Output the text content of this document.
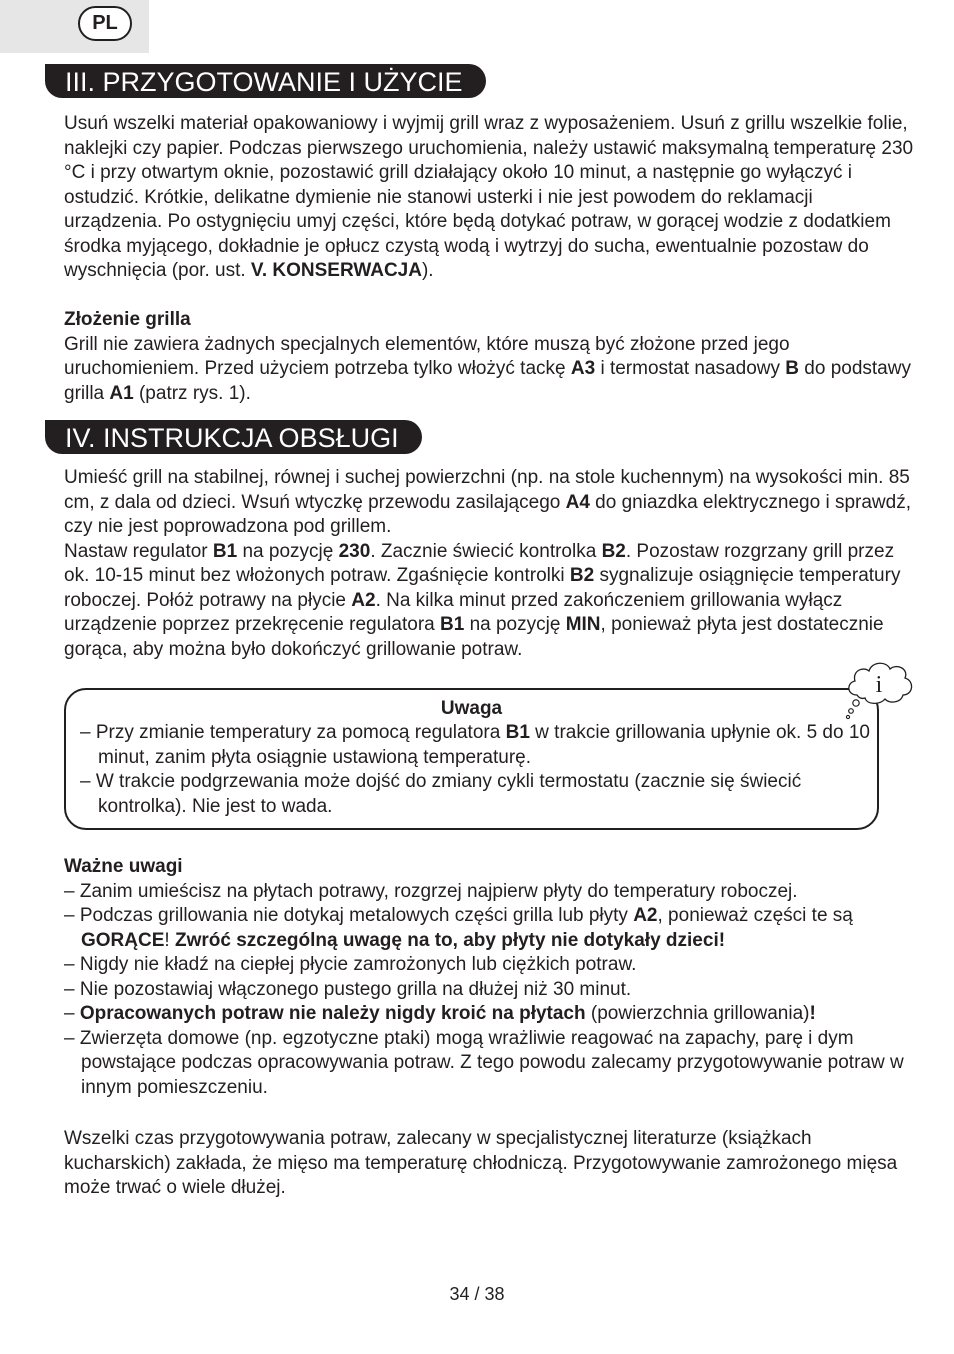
PL
III. PRZYGOTOWANIE I UŻYCIE

Usuń wszelki materiał opakowaniowy i wyjmij grill wraz z wyposażeniem. Usuń z grillu wszelkie folie, naklejki czy papier. Podczas pierwszego uruchomienia, należy ustawić maksymalną temperaturę 230 °C i przy otwartym oknie, pozostawić grill działający około 10 minut, a następnie go wyłączyć i ostudzić. Krótkie, delikatne dymienie nie stanowi usterki i nie jest powodem do reklamacji urządzenia. Po ostygnięciu umyj części, które będą dotykać potraw, w gorącej wodzie z dodatkiem środka myjącego, dokładnie je opłucz czystą wodą i wytrzyj do sucha, ewentualnie pozostaw do wyschnięcia (por. ust. V. KONSERWACJA).

Złożenie grilla

Grill nie zawiera żadnych specjalnych elementów, które muszą być złożone przed jego uruchomieniem. Przed użyciem potrzeba tylko włożyć tackę A3 i termostat nasadowy B do podstawy grilla A1 (patrz rys. 1).

IV. INSTRUKCJA OBSŁUGI

Umieść grill na stabilnej, równej i suchej powierzchni (np. na stole kuchennym) na wysokości min. 85 cm, z dala od dzieci. Wsuń wtyczkę przewodu zasilającego A4 do gniazdka elektrycznego i sprawdź, czy nie jest poprowadzona pod grillem.

Nastaw regulator B1 na pozycję 230. Zacznie świecić kontrolka B2. Pozostaw rozgrzany grill przez ok. 10-15 minut bez włożonych potraw. Zgaśnięcie kontrolki B2 sygnalizuje osiągnięcie temperatury roboczej. Połóż potrawy na płycie A2. Na kilka minut przed zakończeniem grillowania wyłącz urządzenie poprzez przekręcenie regulatora B1 na pozycję MIN, ponieważ płyta jest dostatecznie gorąca, aby można było dokończyć grillowanie potraw.

Uwaga

– Przy zmianie temperatury za pomocą regulatora B1 w trakcie grillowania upłynie ok. 5 do 10 minut, zanim płyta osiągnie ustawioną temperaturę.

– W trakcie podgrzewania może dojść do zmiany cykli termostatu (zacznie się świecić kontrolka). Nie jest to wada.

i

Ważne uwagi

– Zanim umieścisz na płytach potrawy, rozgrzej najpierw płyty do temperatury roboczej.

– Podczas grillowania nie dotykaj metalowych części grilla lub płyty A2, ponieważ części te są GORĄCE! Zwróć szczególną uwagę na to, aby płyty nie dotykały dzieci!

– Nigdy nie kładź na ciepłej płycie zamrożonych lub ciężkich potraw.

– Nie pozostawiaj włączonego pustego grilla na dłużej niż 30 minut.

– Opracowanych potraw nie należy nigdy kroić na płytach (powierzchnia grillowania)!

– Zwierzęta domowe (np. egzotyczne ptaki) mogą wrażliwie reagować na zapachy, parę i dym powstające podczas opracowywania potraw. Z tego powodu zalecamy przygotowywanie potraw w innym pomieszczeniu.

Wszelki czas przygotowywania potraw, zalecany w specjalistycznej literaturze (książkach kucharskich) zakłada, że mięso ma temperaturę chłodniczą. Przygotowywanie zamrożonego mięsa może trwać o wiele dłużej.

34 / 38
